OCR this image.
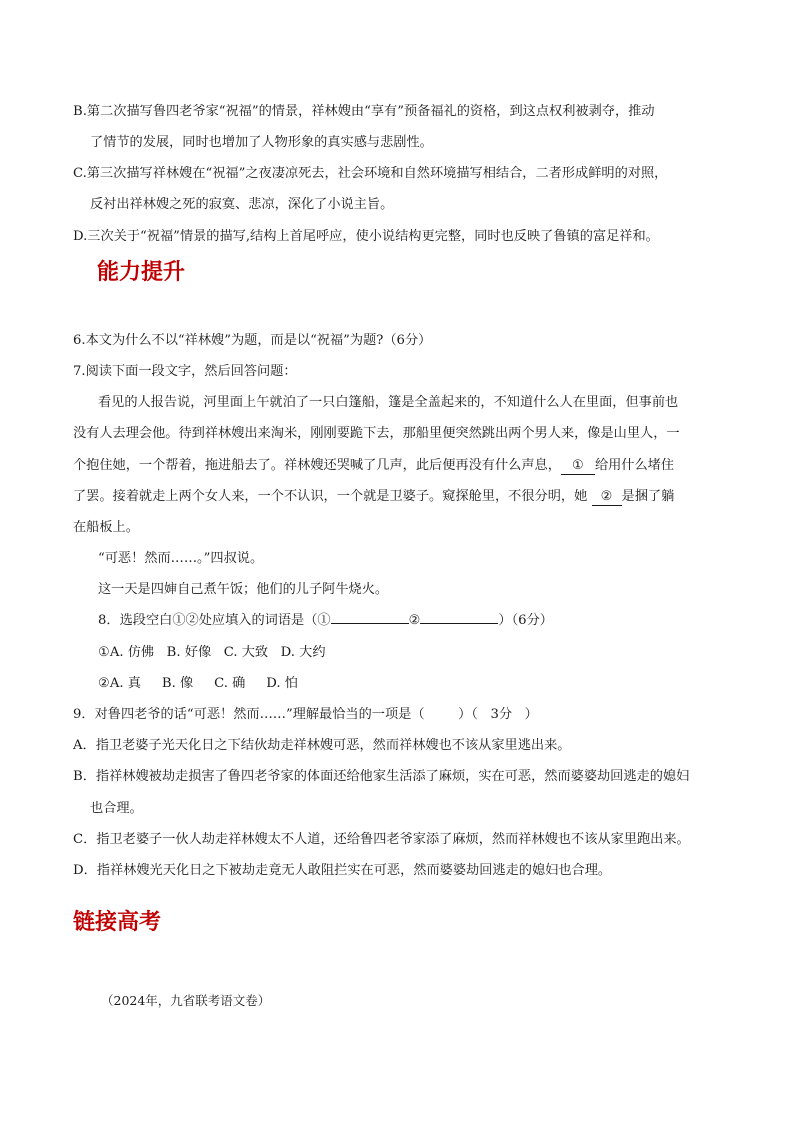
B.第二次描写鲁四老爷家“祝福”的情景，祥林嫂由“享有”预备福礼的资格，到这点权利被剥夺，推动
了情节的发展，同时也增加了人物形象的真实感与悲剧性。
C.第三次描写祥林嫂在“祝福”之夜凄凉死去，社会环境和自然环境描写相结合，二者形成鲜明的对照，
反衬出祥林嫂之死的寂寞、悲凉，深化了小说主旨。
D.三次关于“祝福”情景的描写,结构上首尾呼应，使小说结构更完整，同时也反映了鲁镇的富足祥和。
能力提升
6.本文为什么不以“祥林嫂”为题，而是以“祝福”为题?（6分）
7.阅读下面一段文字，然后回答问题：
看见的人报告说，河里面上午就泊了一只白篷船，篷是全盖起来的，不知道什么人在里面，但事前也
没有人去理会他。待到祥林嫂出来淘米，刚刚要跪下去，那船里便突然跳出两个男人来，像是山里人，一
个抱住她，一个帮着，拖进船去了。祥林嫂还哭喊了几声，此后便再没有什么声息， ① 给用什么堵住
了罢。接着就走上两个女人来，一个不认识，一个就是卫婆子。窥探舱里，不很分明，她 ② 是捆了躺
在船板上。
“可恶！然而……。”四叔说。
这一天是四婶自己煮午饭；他们的儿子阿牛烧火。
8．选段空白①②处应填入的词语是（①	②	）（6分）
①A. 仿佛   B. 好像   C. 大致   D. 大约
②A. 真     B. 像     C. 确     D. 怕
9．对鲁四老爷的话“可恶！然而……”理解最恰当的一项是（        ）（   3分   ）
A．指卫老婆子光天化日之下结伙劫走祥林嫂可恶，然而祥林嫂也不该从家里逃出来。
B．指祥林嫂被劫走损害了鲁四老爷家的体面还给他家生活添了麻烦，实在可恶，然而婆婆劫回逃走的媳妇
也合理。
C．指卫老婆子一伙人劫走祥林嫂太不人道，还给鲁四老爷家添了麻烦，然而祥林嫂也不该从家里跑出来。
D．指祥林嫂光天化日之下被劫走竟无人敢阻拦实在可恶，然而婆婆劫回逃走的媳妇也合理。
链接高考
（2024年，九省联考语文卷）
